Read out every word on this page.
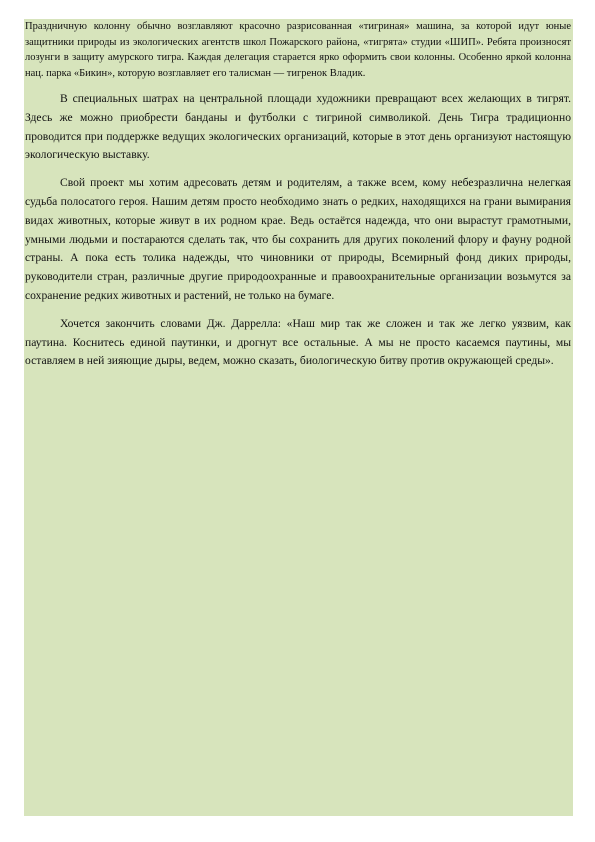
Праздничную колонну обычно возглавляют красочно разрисованная «тигриная» машина, за которой идут юные защитники природы из экологических агентств школ Пожарского района, «тигрята» студии «ШИП». Ребята произносят лозунги в защиту амурского тигра. Каждая делегация старается ярко оформить свои колонны. Особенно яркой колонна нац. парка «Бикин», которую возглавляет его талисман — тигренок Владик.

В специальных шатрах на центральной площади художники превращают всех желающих в тигрят. Здесь же можно приобрести банданы и футболки с тигриной символикой. День Тигра традиционно проводится при поддержке ведущих экологических организаций, которые в этот день организуют настоящую экологическую выставку.

Свой проект мы хотим адресовать детям и родителям, а также всем, кому небезразлична нелегкая судьба полосатого героя. Нашим детям просто необходимо знать о редких, находящихся на грани вымирания видах животных, которые живут в их родном крае. Ведь остаётся надежда, что они вырастут грамотными, умными людьми и постараются сделать так, что бы сохранить для других поколений флору и фауну родной страны. А пока есть толика надежды, что чиновники от природы, Всемирный фонд диких природы, руководители стран, различные другие природоохранные и правоохранительные организации возьмутся за сохранение редких животных и растений, не только на бумаге.

Хочется закончить словами Дж. Даррелла: «Наш мир так же сложен и так же легко уязвим, как паутина. Коснитесь единой паутинки, и дрогнут все остальные. А мы не просто касаемся паутины, мы оставляем в ней зияющие дыры, ведем, можно сказать, биологическую битву против окружающей среды».
